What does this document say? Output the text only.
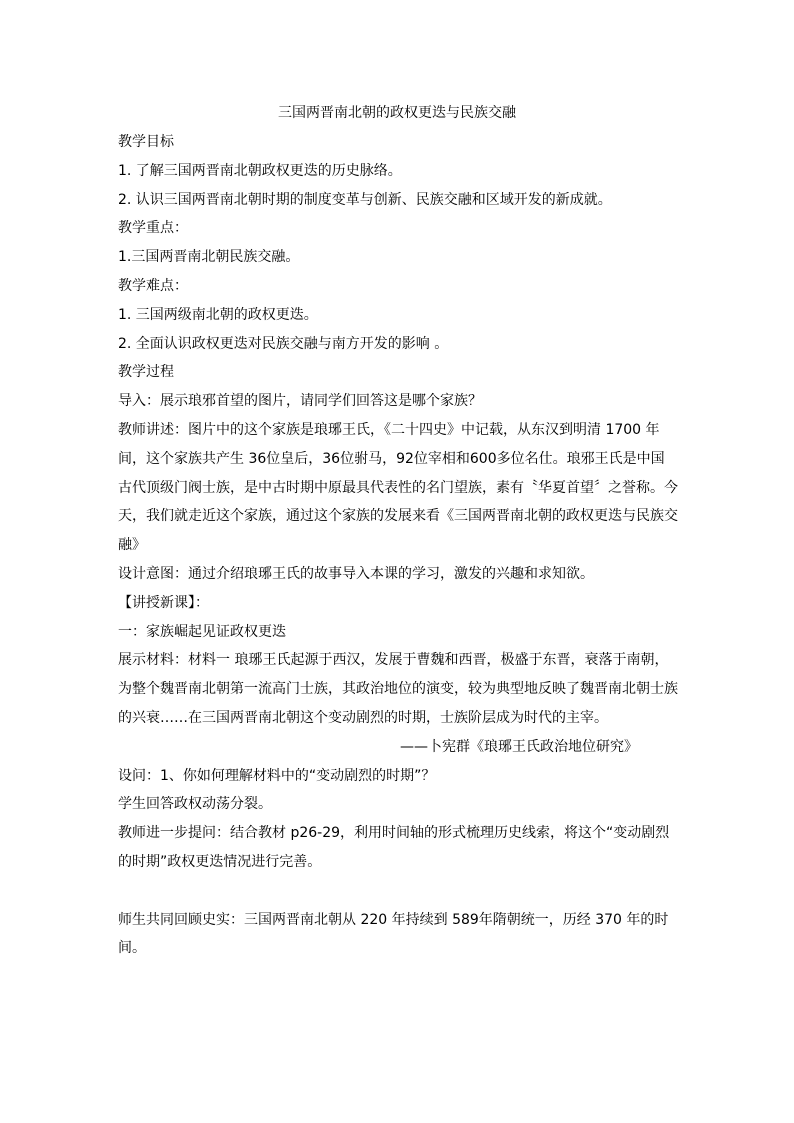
三国两晋南北朝的政权更迭与民族交融

教学目标

1. 了解三国两晋南北朝政权更迭的历史脉络。

2. 认识三国两晋南北朝时期的制度变革与创新、民族交融和区域开发的新成就。

教学重点：

1.三国两晋南北朝民族交融。

教学难点：

1. 三国两级南北朝的政权更迭。

2. 全面认识政权更迭对民族交融与南方开发的影响 。

教学过程

导入：展示琅邪首望的图片，请同学们回答这是哪个家族？

教师讲述：图片中的这个家族是琅琊王氏，《二十四史》中记载，从东汉到明清 1700 年间，这个家族共产生 36位皇后，36位驸马，92位宰相和600多位名仕。琅邪王氏是中国古代顶级门阀士族，是中古时期中原最具代表性的名门望族，素有〝华夏首望〞之誉称。今天，我们就走近这个家族，通过这个家族的发展来看《三国两晋南北朝的政权更迭与民族交融》

设计意图：通过介绍琅琊王氏的故事导入本课的学习，激发的兴趣和求知欲。

【讲授新课】：

一：家族崛起见证政权更迭

展示材料：材料一 琅琊王氏起源于西汉，发展于曹魏和西晋，极盛于东晋，衰落于南朝，为整个魏晋南北朝第一流高门士族，其政治地位的演变，较为典型地反映了魏晋南北朝士族的兴衰……在三国两晋南北朝这个变动剧烈的时期，士族阶层成为时代的主宰。

——卜宪群《琅琊王氏政治地位研究》

设问：1、你如何理解材料中的“变动剧烈的时期”？

学生回答政权动荡分裂。

教师进一步提问：结合教材 p26-29，利用时间轴的形式梳理历史线索，将这个“变动剧烈的时期”政权更迭情况进行完善。

师生共同回顾史实：三国两晋南北朝从 220 年持续到 589年隋朝统一，历经 370 年的时间。
